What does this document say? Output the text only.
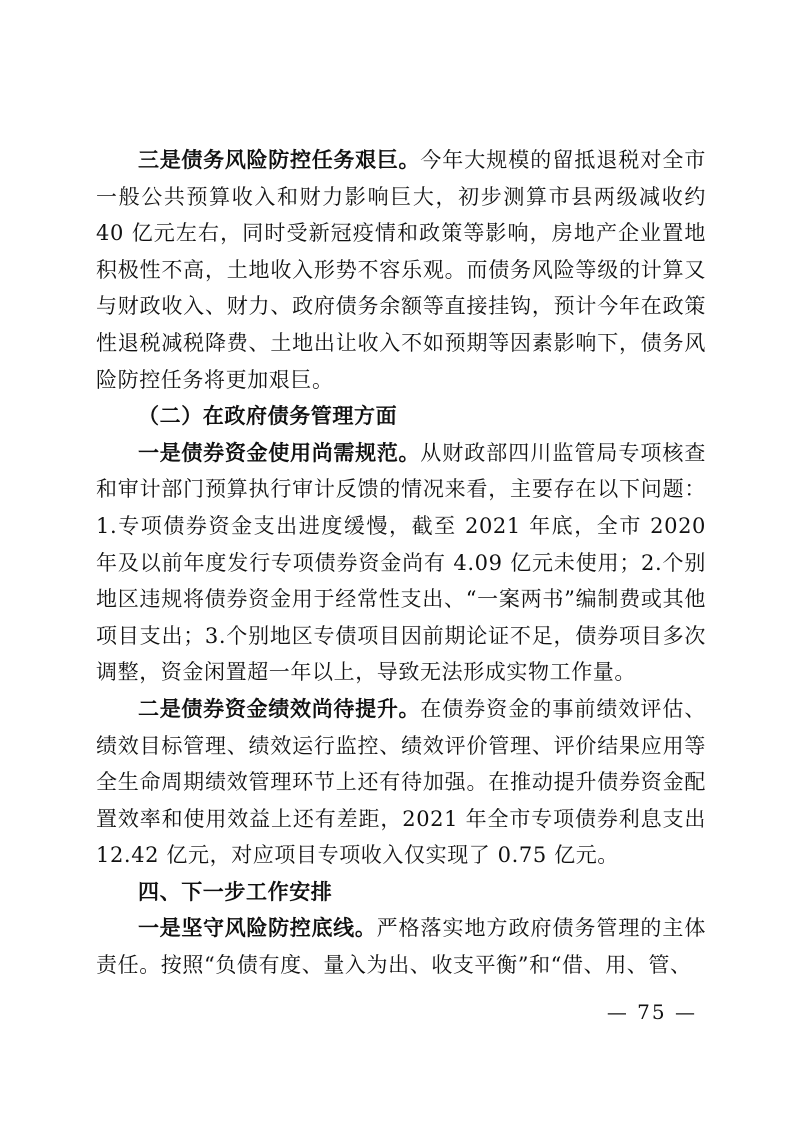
三是债务风险防控任务艰巨。今年大规模的留抵退税对全市一般公共预算收入和财力影响巨大，初步测算市县两级减收约 40 亿元左右，同时受新冠疫情和政策等影响，房地产企业置地积极性不高，土地收入形势不容乐观。而债务风险等级的计算又与财政收入、财力、政府债务余额等直接挂钩，预计今年在政策性退税减税降费、土地出让收入不如预期等因素影响下，债务风险防控任务将更加艰巨。

（二）在政府债务管理方面

一是债券资金使用尚需规范。从财政部四川监管局专项核查和审计部门预算执行审计反馈的情况来看，主要存在以下问题：1.专项债券资金支出进度缓慢，截至 2021 年底，全市 2020 年及以前年度发行专项债券资金尚有 4.09 亿元未使用；2.个别地区违规将债券资金用于经常性支出、“一案两书”编制费或其他项目支出；3.个别地区专债项目因前期论证不足，债券项目多次调整，资金闲置超一年以上，导致无法形成实物工作量。

二是债券资金绩效尚待提升。在债券资金的事前绩效评估、绩效目标管理、绩效运行监控、绩效评价管理、评价结果应用等全生命周期绩效管理环节上还有待加强。在推动提升债券资金配置效率和使用效益上还有差距，2021 年全市专项债券利息支出 12.42 亿元，对应项目专项收入仅实现了 0.75 亿元。

四、下一步工作安排

一是坚守风险防控底线。严格落实地方政府债务管理的主体责任。按照“负债有度、量入为出、收支平衡”和“借、用、管、

— 75 —
